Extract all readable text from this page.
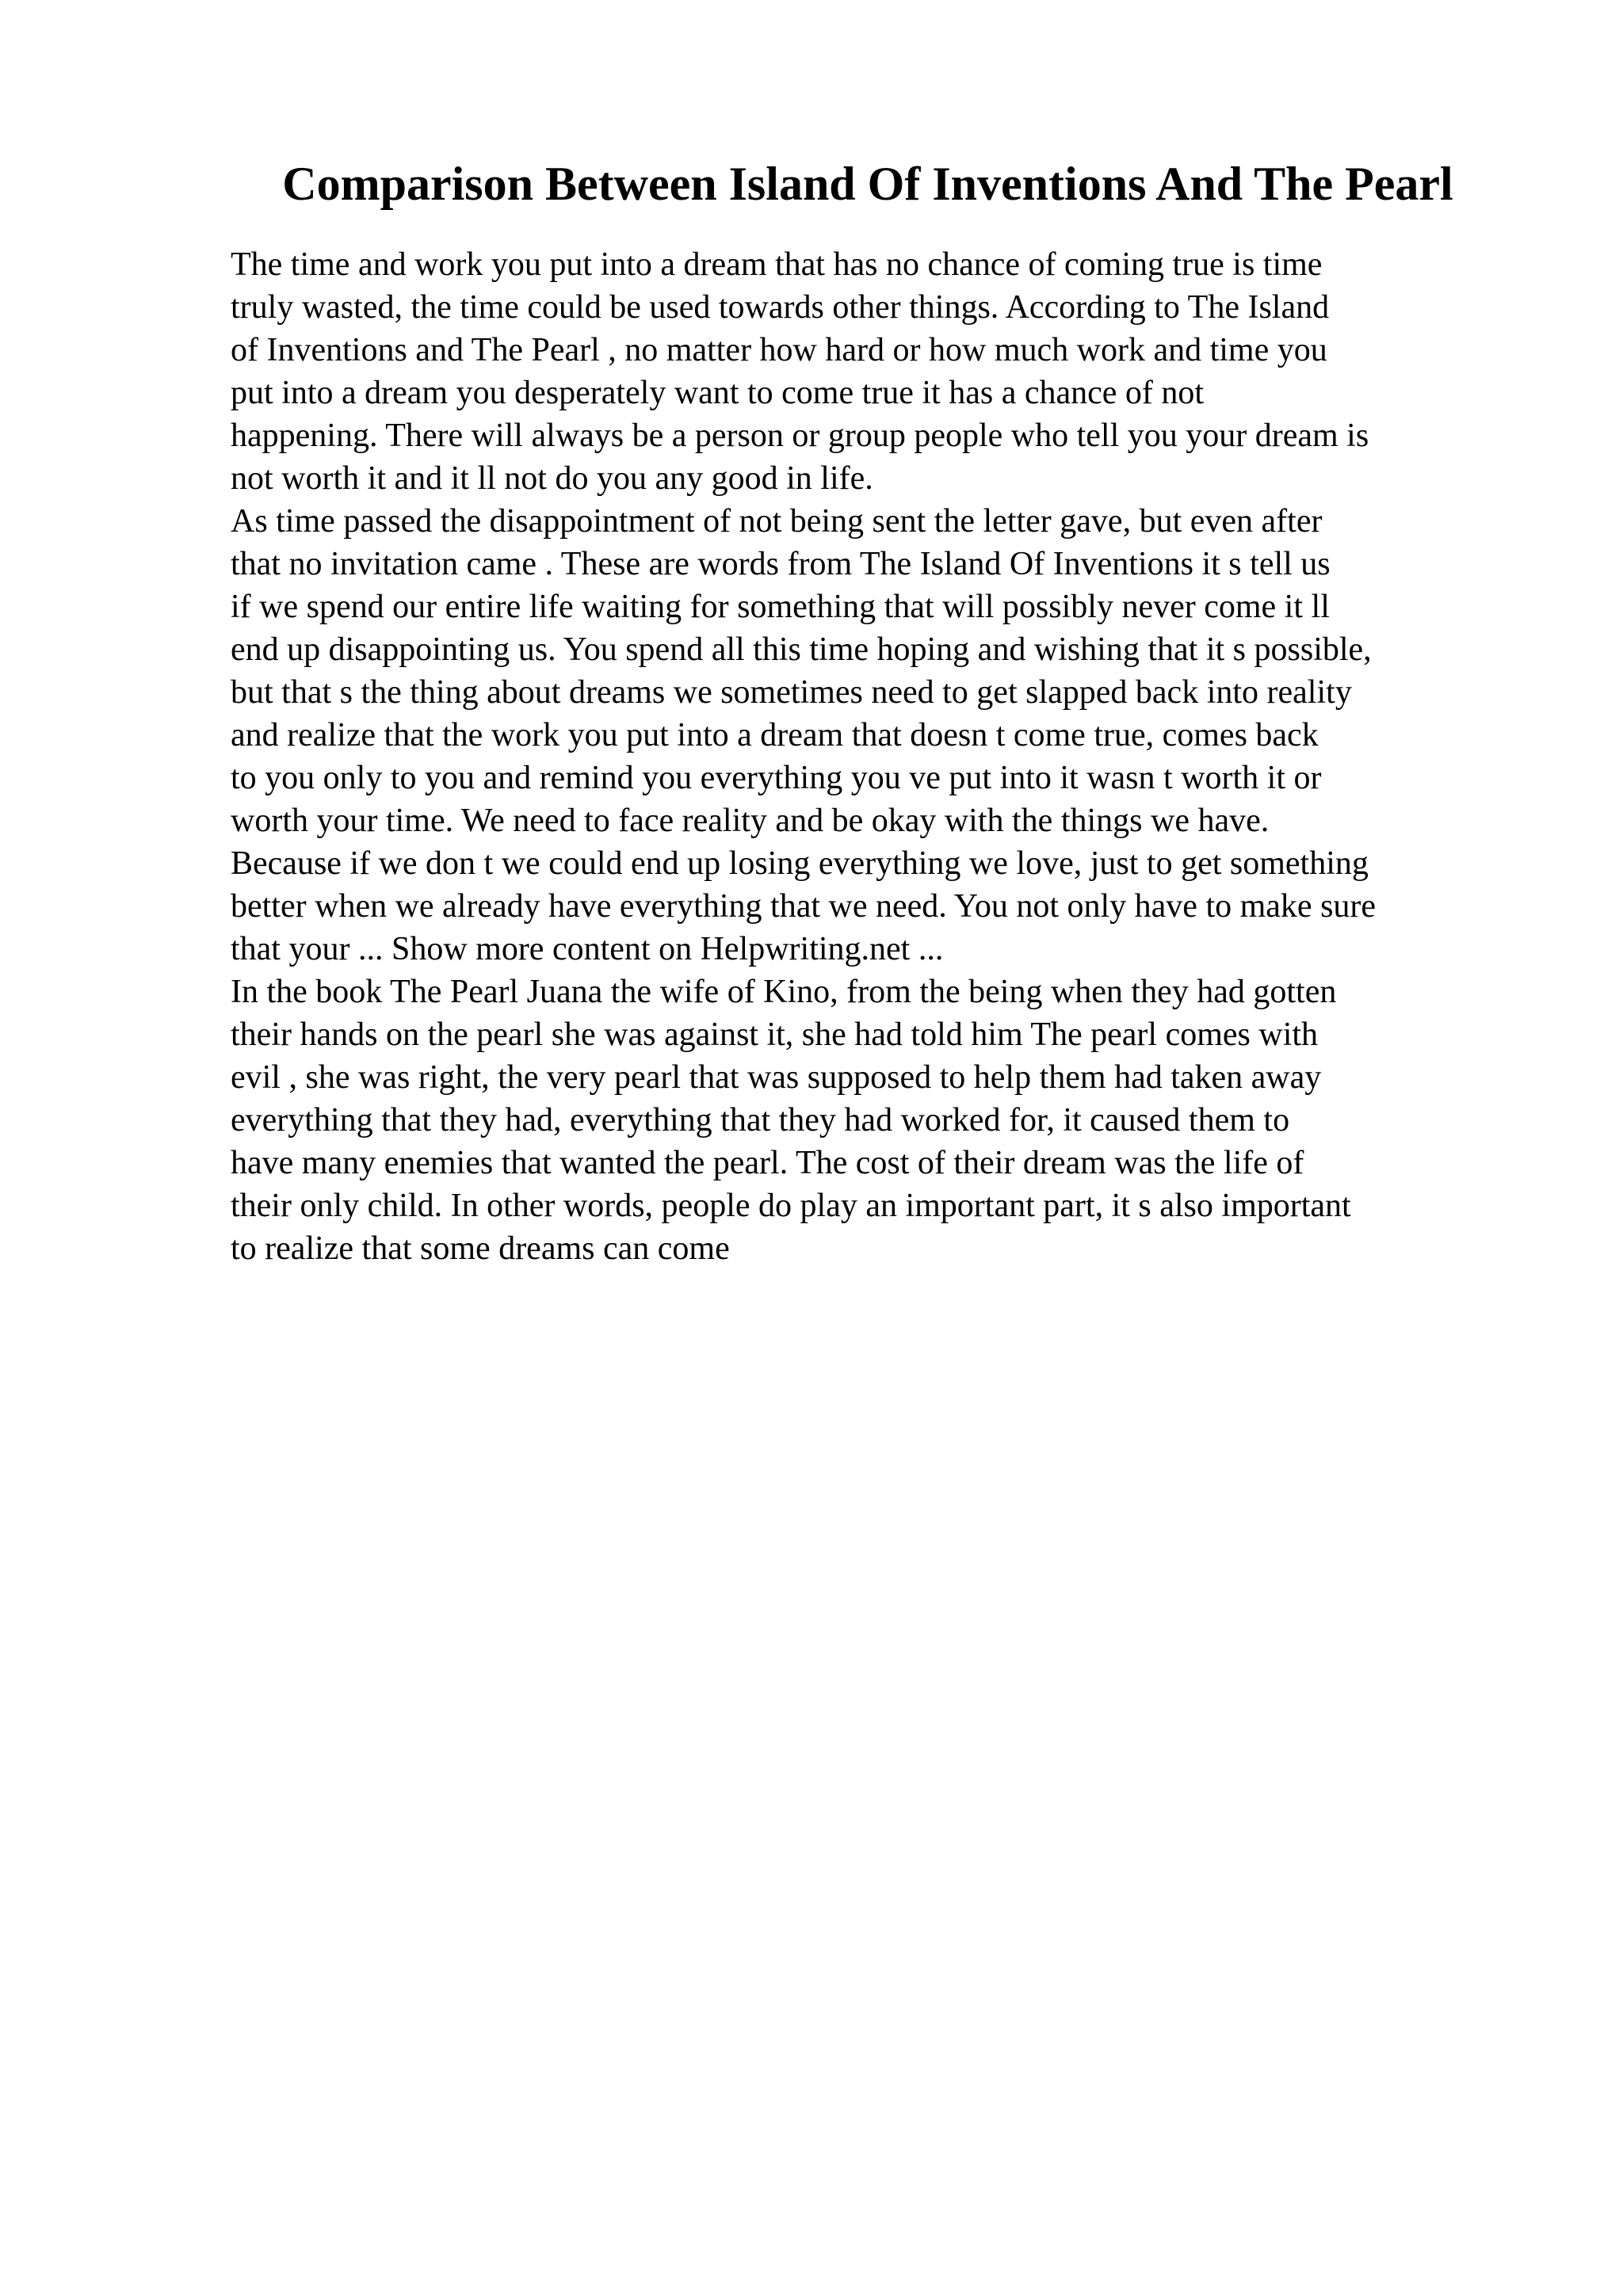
Comparison Between Island Of Inventions And The Pearl
The time and work you put into a dream that has no chance of coming true is time
truly wasted, the time could be used towards other things. According to The Island
of Inventions and The Pearl , no matter how hard or how much work and time you
put into a dream you desperately want to come true it has a chance of not
happening. There will always be a person or group people who tell you your dream is
not worth it and it ll not do you any good in life.
As time passed the disappointment of not being sent the letter gave, but even after
that no invitation came . These are words from The Island Of Inventions it s tell us
if we spend our entire life waiting for something that will possibly never come it ll
end up disappointing us. You spend all this time hoping and wishing that it s possible,
but that s the thing about dreams we sometimes need to get slapped back into reality
and realize that the work you put into a dream that doesn t come true, comes back
to you only to you and remind you everything you ve put into it wasn t worth it or
worth your time. We need to face reality and be okay with the things we have.
Because if we don t we could end up losing everything we love, just to get something
better when we already have everything that we need. You not only have to make sure
that your ... Show more content on Helpwriting.net ...
In the book The Pearl Juana the wife of Kino, from the being when they had gotten
their hands on the pearl she was against it, she had told him The pearl comes with
evil , she was right, the very pearl that was supposed to help them had taken away
everything that they had, everything that they had worked for, it caused them to
have many enemies that wanted the pearl. The cost of their dream was the life of
their only child. In other words, people do play an important part, it s also important
to realize that some dreams can come
